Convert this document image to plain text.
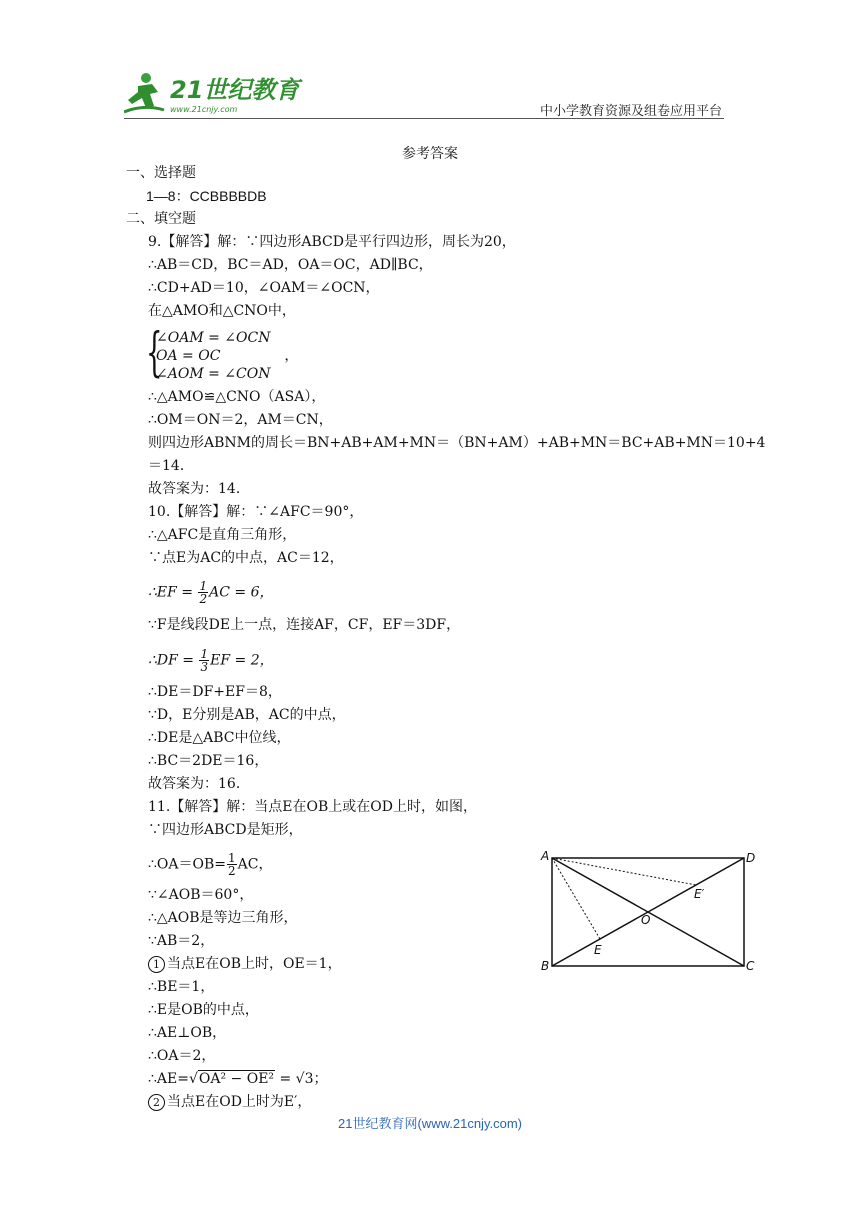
21世纪教育
www.21cnjy.com	中小学教育资源及组卷应用平台
参考答案
一、选择题
1—8：CCBBBBDB
二、填空题
9.【解答】解：∵四边形ABCD是平行四边形，周长为20，
∴AB＝CD，BC＝AD，OA＝OC，AD∥BC，
∴CD+AD＝10，∠OAM＝∠OCN，
在△AMO和△CNO中，
{
∠OAM = ∠OCN
OA = OC	，
∠AOM = ∠CON
∴△AMO≌△CNO（ASA），
∴OM＝ON＝2，AM＝CN，
则四边形ABNM的周长＝BN+AB+AM+MN＝（BN+AM）+AB+MN＝BC+AB+MN＝10+4
＝14．
故答案为：14．
10.【解答】解：∵∠AFC＝90°，
∴△AFC是直角三角形，
∵点E为AC的中点，AC＝12，
∴EF = $\frac{1}{2}$ AC = 6，
∵F是线段DE上一点，连接AF，CF，EF＝3DF，
∴DF = $\frac{1}{3}$ EF = 2，
∴DE＝DF+EF＝8，
∵D，E分别是AB，AC的中点，
∴DE是△ABC中位线，
∴BC＝2DE＝16，
故答案为：16．
11.【解答】解：当点E在OB上或在OD上时，如图，
∵四边形ABCD是矩形，
∴OA＝OB= $\frac{1}{2}$ AC，
∵∠AOB＝60°，
∴△AOB是等边三角形，
∵AB＝2，
1 当点E在OB上时，OE＝1，
∴BE＝1，
∴E是OB的中点，
∴AE⊥OB，
∴OA＝2，
∴AE=√OA² − OE² = √3；
2 当点E在OD上时为E′，
A
B	C
D
O
E
E′
21世纪教育网(www.21cnjy.com)
